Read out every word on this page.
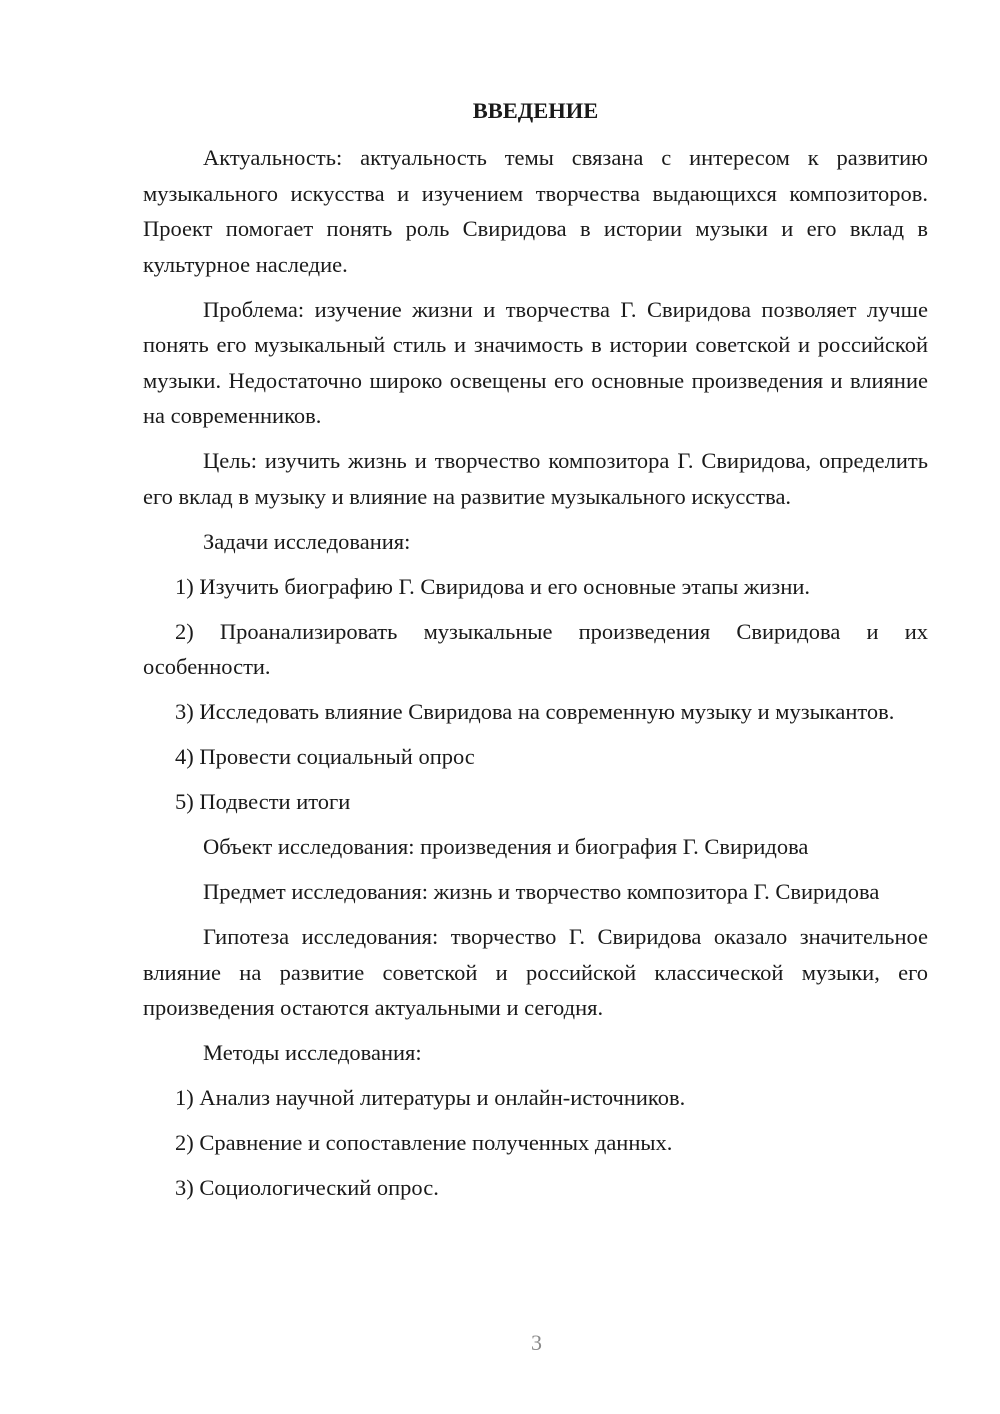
ВВЕДЕНИЕ

Актуальность: актуальность темы связана с интересом к развитию музыкального искусства и изучением творчества выдающихся композиторов. Проект помогает понять роль Свиридова в истории музыки и его вклад в культурное наследие.

Проблема: изучение жизни и творчества Г. Свиридова позволяет лучше понять его музыкальный стиль и значимость в истории советской и российской музыки. Недостаточно широко освещены его основные произведения и влияние на современников.

Цель: изучить жизнь и творчество композитора Г. Свиридова, определить его вклад в музыку и влияние на развитие музыкального искусства.

Задачи исследования:

1) Изучить биографию Г. Свиридова и его основные этапы жизни.

2) Проанализировать музыкальные произведения Свиридова и их особенности.

3) Исследовать влияние Свиридова на современную музыку и музыкантов.

4) Провести социальный опрос

5) Подвести итоги

Объект исследования: произведения и биография Г. Свиридова

Предмет исследования: жизнь и творчество композитора Г. Свиридова

Гипотеза исследования: творчество Г. Свиридова оказало значительное влияние на развитие советской и российской классической музыки, его произведения остаются актуальными и сегодня.

Методы исследования:

1) Анализ научной литературы и онлайн-источников.

2) Сравнение и сопоставление полученных данных.

3) Социологический опрос.

3
